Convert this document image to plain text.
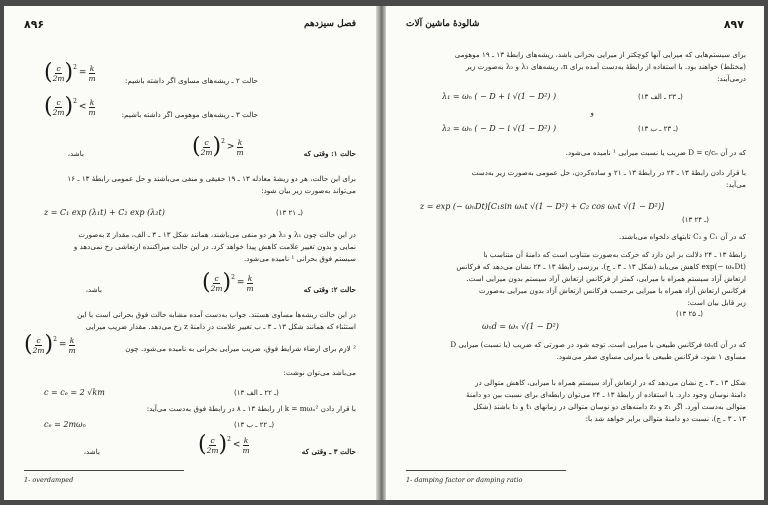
۸۹۶	فصل سیزدهم
( c
2m ) 2
= $\frac{k}{m}$	حالت ۲ ـ ریشه‌های مساوی اگر داشته باشیم:
( c
2m ) 2
< k
m	حالت ۳ ـ ریشه‌های موهومی اگر داشته باشیم:
حالت ۱: وقتی که
( c
2m ) 2
> k
m
باشد،
برای این حالت، هر دو ریشهٔ معادله ۱۳ ـ ۱۹ حقیقی و منفی می‌باشند و حل عمومی رابطهٔ ۱۳ ـ ۱۶
می‌تواند به‌صورت زیر بیان شود:
z = C₁ exp (λ₁t) + C₂ exp (λ₂t)	(۱۳ ـ ۲۱)
در این حالت چون λ₁ و λ₂ هر دو منفی می‌باشند، همانند شکل ۱۳ ـ ۳ ـ الف، مقدار z به‌صورت
نمایی و بدون تغییر علامت کاهش پیدا خواهد کرد. در این حالت میراکننده ارتعاشی رخ نمی‌دهد و
سیستم فوق بحرانی ¹ نامیده می‌شود.
حالت ۲: وقتی که
( c
2m ) 2
= $\frac{k}{m}$
باشد،
در این حالت ریشه‌ها مساوی هستند. جواب به‌دست آمده مشابه حالت فوق بحرانی است با این
استثناء که همانند شکل ۱۳ ـ ۳ ـ ب تغییر علامت در دامنهٔ z رخ می‌دهد. مقدار ضریب میرایی
( c
2m ) 2
= $\frac{k}{m}$	² لازم برای ارضاء شرایط فوق، ضریب میرایی بحرانی به نامیده می‌شود. چون
می‌باشد می‌توان نوشت:
c = cₑ = 2 √km	(۱۳ ـ ۲۲ ـ الف)
با قرار دادن k = mωₙ² از رابطهٔ ۱۳ ـ ۸ در رابطهٔ فوق به‌دست می‌آید:
cₑ = 2mωₙ	(۱۳ ـ ۲۲ ـ ب)
حالت ۳ ـ وقتی که
( c
2m ) 2
< k
m
باشد،
1- overdamped
شالودهٔ ماشین آلات	۸۹۷
برای سیستم‌هایی که میرایی آنها کوچکتر از میرایی بحرانی باشد، ریشه‌های رابطهٔ ۱۳ ـ ۱۹ موهومی
(مختلط) خواهند بود. با استفاده از رابطهٔ به‌دست آمده برای n، ریشه‌های λ₁ و λ₂ به‌صورت زیر
درمی‌آیند:
λ₁ = ωₙ ( − D + i √(1 − D²) )	(۱۳ ـ ۲۳ ـ الف)
و
λ₂ = ωₙ ( − D − i √(1 − D²) )	(۱۳ ـ ۲۳ ـ ب)
که در آن D = c/cₑ ضریب یا نسبت میرایی ¹ نامیده می‌شود.
با قرار دادن رابطهٔ ۱۳ ـ ۲۳ در رابطهٔ ۱۳ ـ ۲۱ و ساده‌کردن، حل عمومی به‌صورت زیر به‌دست
می‌آید:
z = exp (− ωₙDt)[C₁sin ωₙt √(1 − D²) + C₂ cos ωₙt √(1 − D²)]
(۱۳ ـ ۲۴)
که در آن C₁ و C₂ ثابتهای دلخواه می‌باشند.
رابطهٔ ۱۳ ـ ۲۴ دلالت بر این دارد که حرکت به‌صورت متناوب است که دامنهٔ آن متناسب با
exp(− ωₙDt) کاهش می‌یابد (شکل ۱۳ ـ ۳ ـ ج). بررسی رابطهٔ ۱۳ ـ ۲۴ نشان می‌دهد که فرکانس
ارتعاش آزاد سیستم همراه با میرایی، کمتر از فرکانس ارتعاش آزاد سیستم بدون میرایی است.
فرکانس ارتعاش آزاد همراه با میرایی برحسب فرکانس ارتعاش آزاد بدون میرایی به‌صورت
زیر قابل بیان است:
ωₙd = ωₙ √(1 − D²)
(۱۳ ـ ۲۵)
که در آن ωₙd فرکانس طبیعی با میرایی است. توجه شود در صورتی که ضریب (یا نسبت) میرایی D
مساوی ۱ شود، فرکانس طبیعی با میرایی مساوی صفر می‌شود.
شکل ۱۳ ـ ۳ ـ ج نشان می‌دهد که در ارتعاش آزاد سیستم همراه با میرایی، کاهش متوالی در
دامنهٔ نوسان وجود دارد. با استفاده از رابطهٔ ۱۳ ـ ۲۴ می‌توان رابطه‌ای برای نسبت بین دو دامنهٔ
متوالی به‌دست آورد. اگر z₁ و z₂ دامنه‌های دو نوسان متوالی در زمانهای t₁ و t₂ باشند (شکل
۱۳ ـ ۳ ـ ج)، نسبت دو دامنهٔ متوالی برابر خواهد شد با:
1- damping factor or damping ratio
